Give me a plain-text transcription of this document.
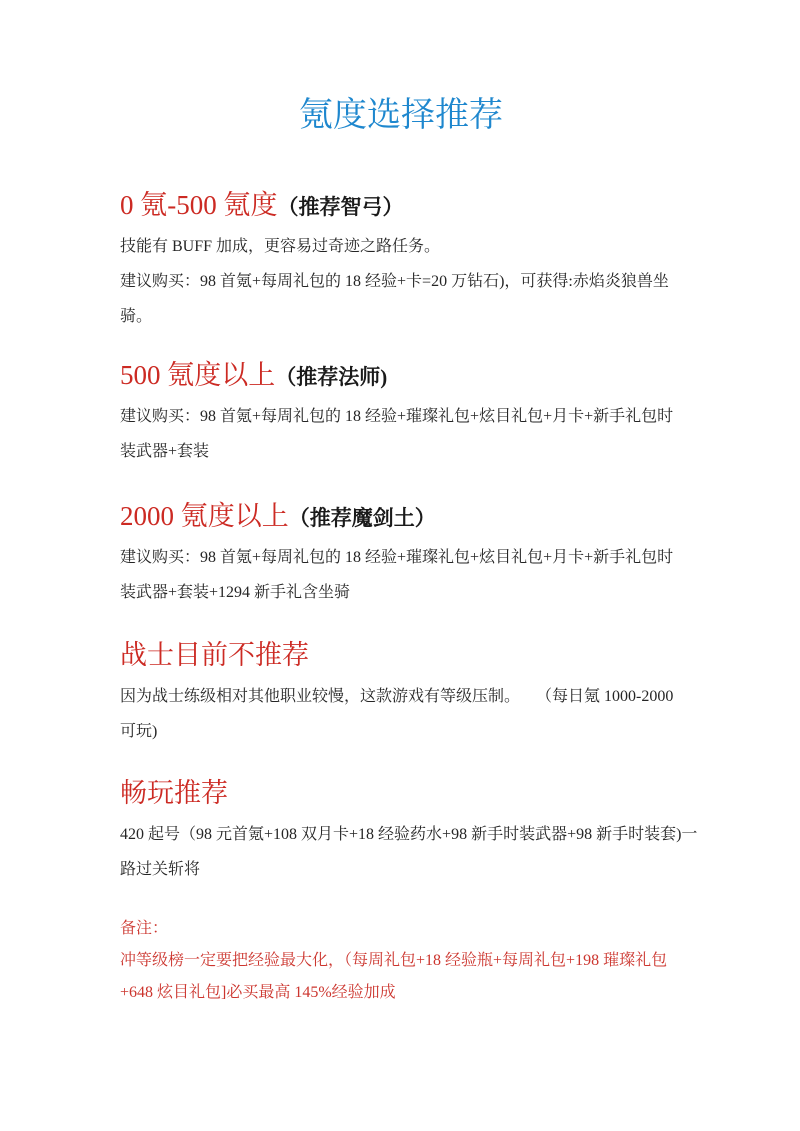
氪度选择推荐
0 氪-500 氪度（推荐智弓）
技能有 BUFF 加成，更容易过奇迹之路任务。
建议购买：98 首氪+每周礼包的 18 经验+卡=20 万钻石)，可获得:赤焰炎狼兽坐
骑。
500 氪度以上（推荐法师)
建议购买：98 首氪+每周礼包的 18 经验+璀璨礼包+炫目礼包+月卡+新手礼包时
装武器+套装
2000 氪度以上（推荐魔剑土）
建议购买：98 首氪+每周礼包的 18 经验+璀璨礼包+炫目礼包+月卡+新手礼包时
装武器+套装+1294 新手礼含坐骑
战士目前不推荐
因为战士练级相对其他职业较慢，这款游戏有等级压制。　　（每日氪 1000-2000
可玩)
畅玩推荐
420 起号（98 元首氪+108 双月卡+18 经验药水+98 新手时装武器+98 新手时装套)一
路过关斩将
备注：
冲等级榜一定要把经验最大化，（每周礼包+18 经验瓶+每周礼包+198 璀璨礼包
+648 炫目礼包]必买最高 145%经验加成
